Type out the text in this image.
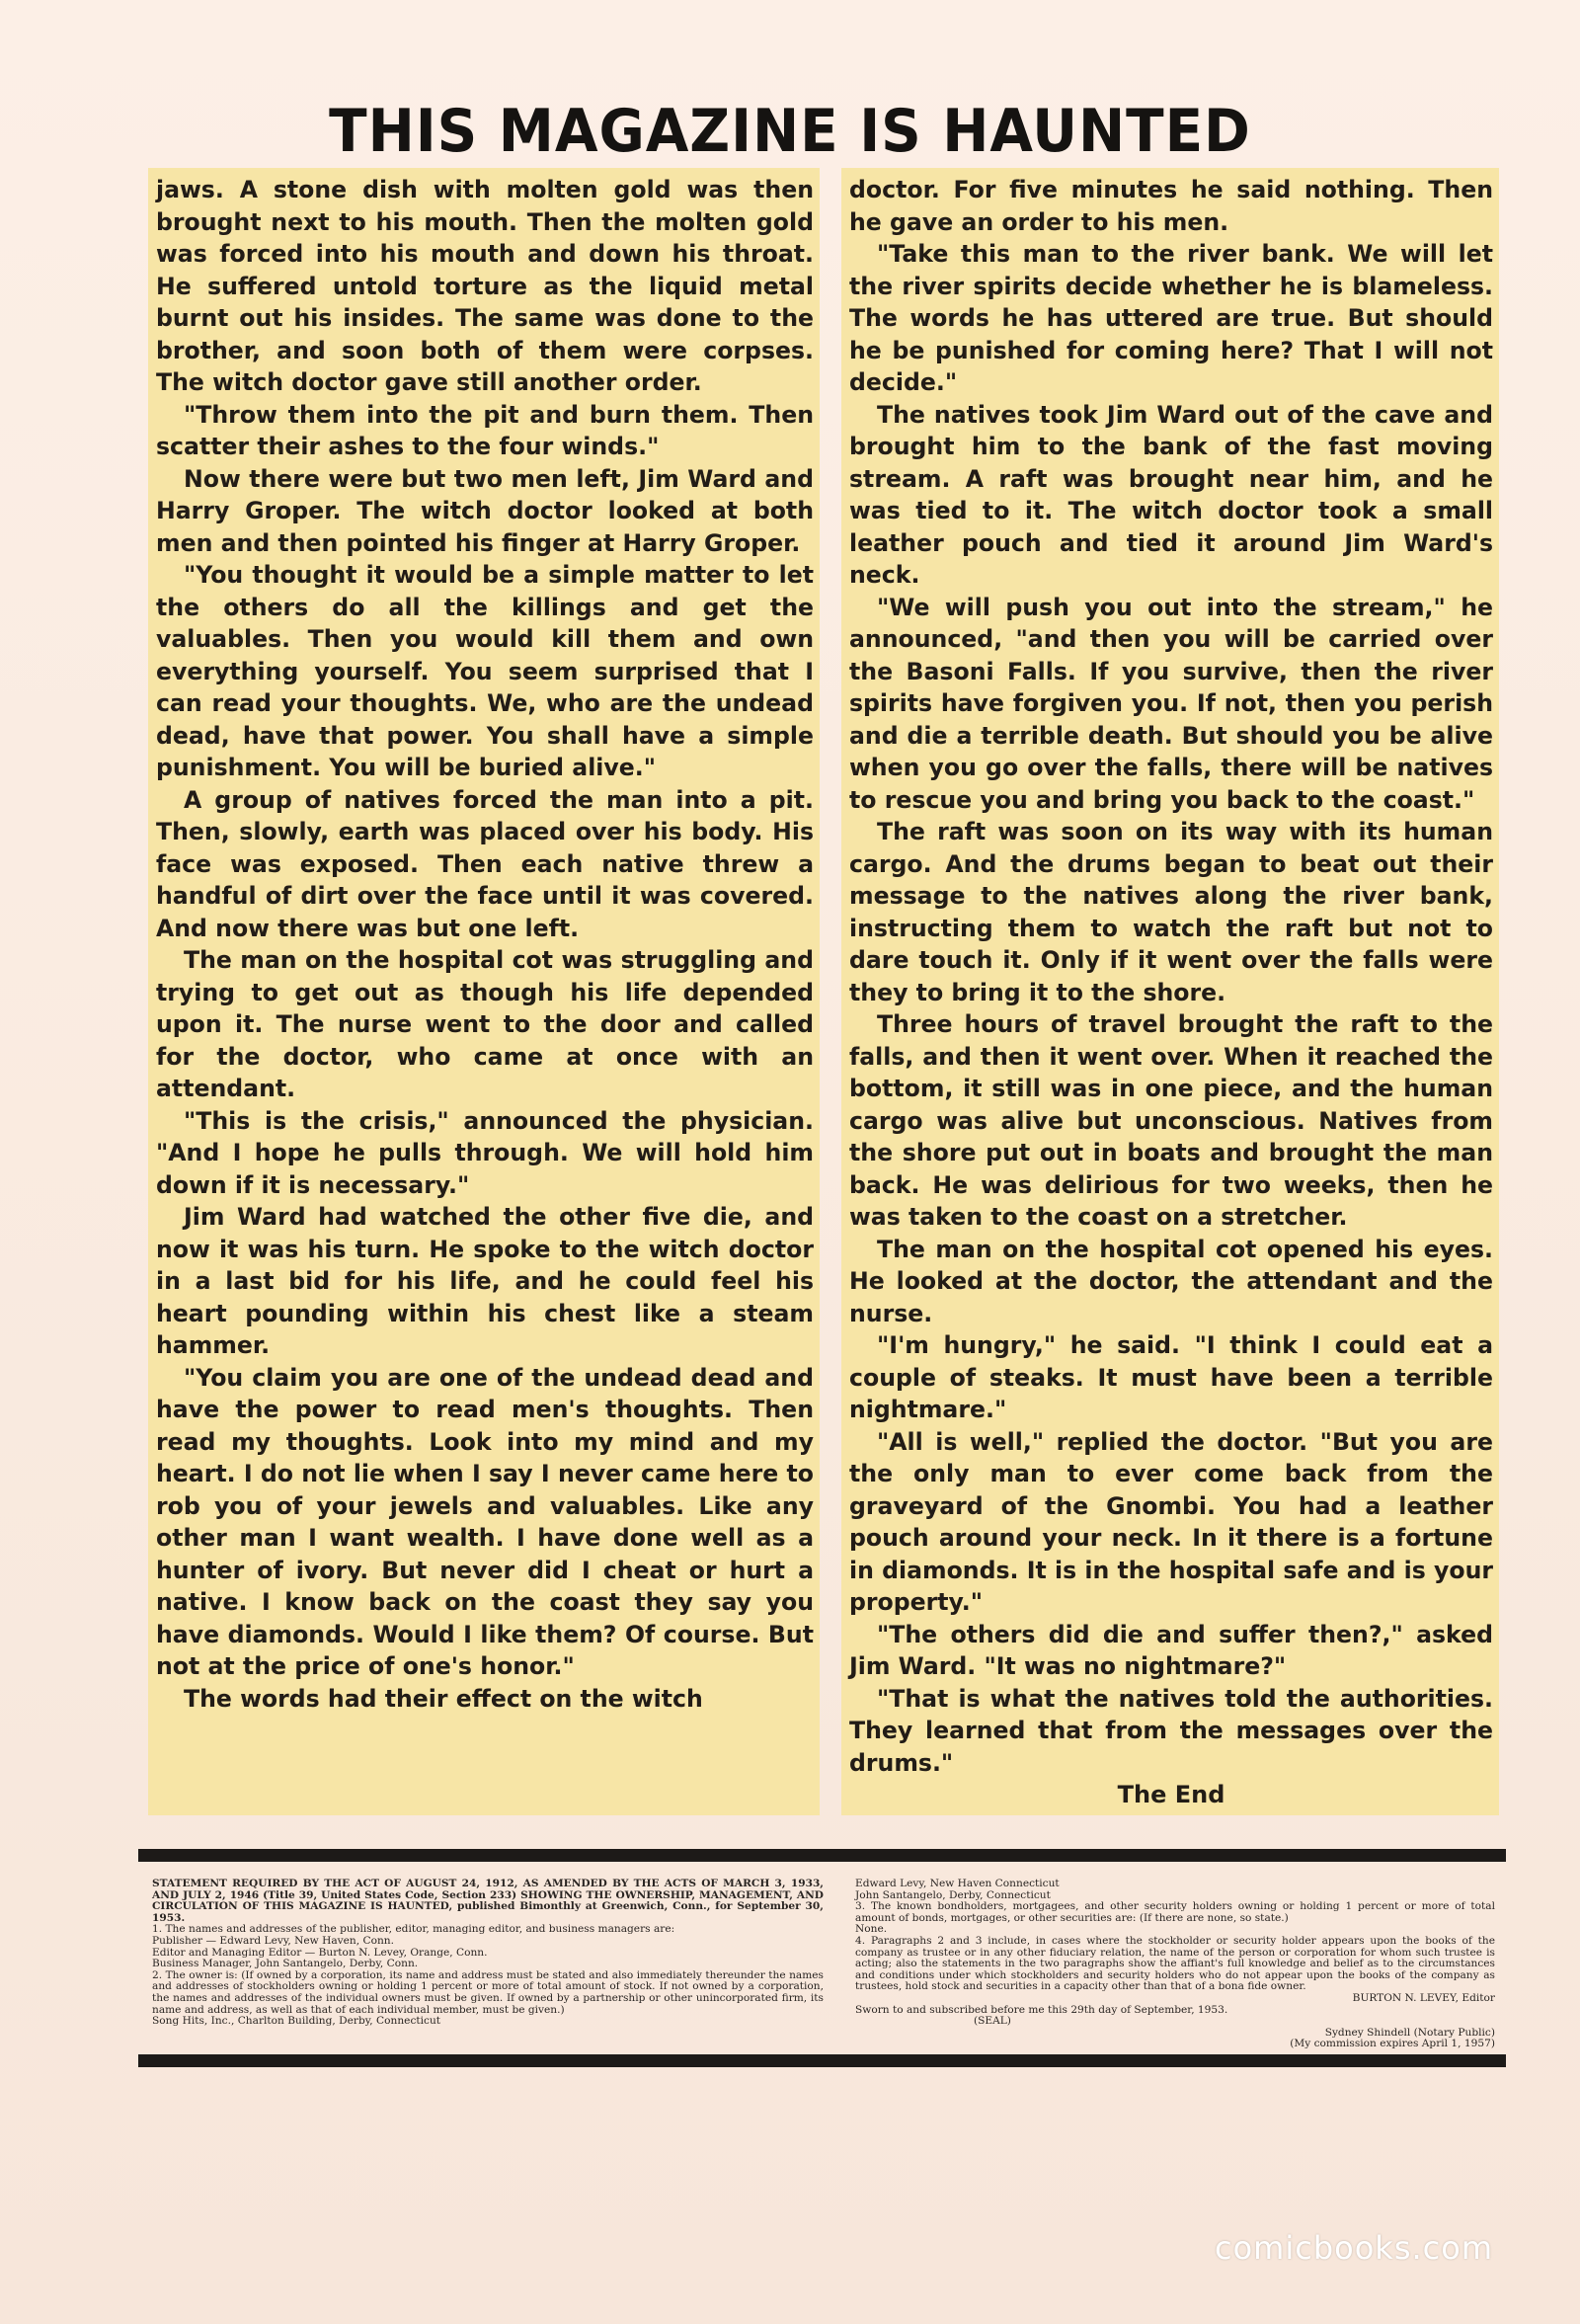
THIS MAGAZINE IS HAUNTED

jaws. A stone dish with molten gold was then brought next to his mouth. Then the molten gold was forced into his mouth and down his throat. He suffered untold torture as the liquid metal burnt out his insides. The same was done to the brother, and soon both of them were corpses. The witch doctor gave still another order.

"Throw them into the pit and burn them. Then scatter their ashes to the four winds."

Now there were but two men left, Jim Ward and Harry Groper. The witch doctor looked at both men and then pointed his finger at Harry Groper.

"You thought it would be a simple matter to let the others do all the killings and get the valuables. Then you would kill them and own everything yourself. You seem surprised that I can read your thoughts. We, who are the undead dead, have that power. You shall have a simple punishment. You will be buried alive."

A group of natives forced the man into a pit. Then, slowly, earth was placed over his body. His face was exposed. Then each native threw a handful of dirt over the face until it was covered. And now there was but one left.

The man on the hospital cot was struggling and trying to get out as though his life depended upon it. The nurse went to the door and called for the doctor, who came at once with an attendant.

"This is the crisis," announced the physician. "And I hope he pulls through. We will hold him down if it is necessary."

Jim Ward had watched the other five die, and now it was his turn. He spoke to the witch doctor in a last bid for his life, and he could feel his heart pounding within his chest like a steam hammer.

"You claim you are one of the undead dead and have the power to read men's thoughts. Then read my thoughts. Look into my mind and my heart. I do not lie when I say I never came here to rob you of your jewels and valuables. Like any other man I want wealth. I have done well as a hunter of ivory. But never did I cheat or hurt a native. I know back on the coast they say you have diamonds. Would I like them? Of course. But not at the price of one's honor."

The words had their effect on the witch

doctor. For five minutes he said nothing. Then he gave an order to his men.

"Take this man to the river bank. We will let the river spirits decide whether he is blameless. The words he has uttered are true. But should he be punished for coming here? That I will not decide."

The natives took Jim Ward out of the cave and brought him to the bank of the fast moving stream. A raft was brought near him, and he was tied to it. The witch doctor took a small leather pouch and tied it around Jim Ward's neck.

"We will push you out into the stream," he announced, "and then you will be carried over the Basoni Falls. If you survive, then the river spirits have forgiven you. If not, then you perish and die a terrible death. But should you be alive when you go over the falls, there will be natives to rescue you and bring you back to the coast."

The raft was soon on its way with its human cargo. And the drums began to beat out their message to the natives along the river bank, instructing them to watch the raft but not to dare touch it. Only if it went over the falls were they to bring it to the shore.

Three hours of travel brought the raft to the falls, and then it went over. When it reached the bottom, it still was in one piece, and the human cargo was alive but unconscious. Natives from the shore put out in boats and brought the man back. He was delirious for two weeks, then he was taken to the coast on a stretcher.

The man on the hospital cot opened his eyes. He looked at the doctor, the attendant and the nurse.

"I'm hungry," he said. "I think I could eat a couple of steaks. It must have been a terrible nightmare."

"All is well," replied the doctor. "But you are the only man to ever come back from the graveyard of the Gnombi. You had a leather pouch around your neck. In it there is a fortune in diamonds. It is in the hospital safe and is your property."

"The others did die and suffer then?," asked Jim Ward. "It was no nightmare?"

"That is what the natives told the authorities. They learned that from the messages over the drums."

The End

STATEMENT REQUIRED BY THE ACT OF AUGUST 24, 1912, AS AMENDED BY THE ACTS OF MARCH 3, 1933, AND JULY 2, 1946 (Title 39, United States Code, Section 233) SHOWING THE OWNERSHIP, MANAGEMENT, AND CIRCULATION OF THIS MAGAZINE IS HAUNTED, published Bimonthly at Greenwich, Conn., for September 30, 1953.

1. The names and addresses of the publisher, editor, managing editor, and business managers are:

Publisher — Edward Levy, New Haven, Conn.

Editor and Managing Editor — Burton N. Levey, Orange, Conn.

Business Manager, John Santangelo, Derby, Conn.

2. The owner is: (If owned by a corporation, its name and address must be stated and also immediately thereunder the names and addresses of stockholders owning or holding 1 percent or more of total amount of stock. If not owned by a corporation, the names and addresses of the individual owners must be given. If owned by a partnership or other unincorporated firm, its name and address, as well as that of each individual member, must be given.)

Song Hits, Inc., Charlton Building, Derby, Connecticut

Edward Levy, New Haven Connecticut

John Santangelo, Derby, Connecticut

3. The known bondholders, mortgagees, and other security holders owning or holding 1 percent or more of total amount of bonds, mortgages, or other securities are: (If there are none, so state.)

None.

4. Paragraphs 2 and 3 include, in cases where the stockholder or security holder appears upon the books of the company as trustee or in any other fiduciary relation, the name of the person or corporation for whom such trustee is acting; also the statements in the two paragraphs show the affiant's full knowledge and belief as to the circumstances and conditions under which stockholders and security holders who do not appear upon the books of the company as trustees, hold stock and securities in a capacity other than that of a bona fide owner.

BURTON N. LEVEY, Editor

Sworn to and subscribed before me this 29th day of September, 1953.

(SEAL)

Sydney Shindell (Notary Public)

(My commission expires April 1, 1957)

comicbooks.com
